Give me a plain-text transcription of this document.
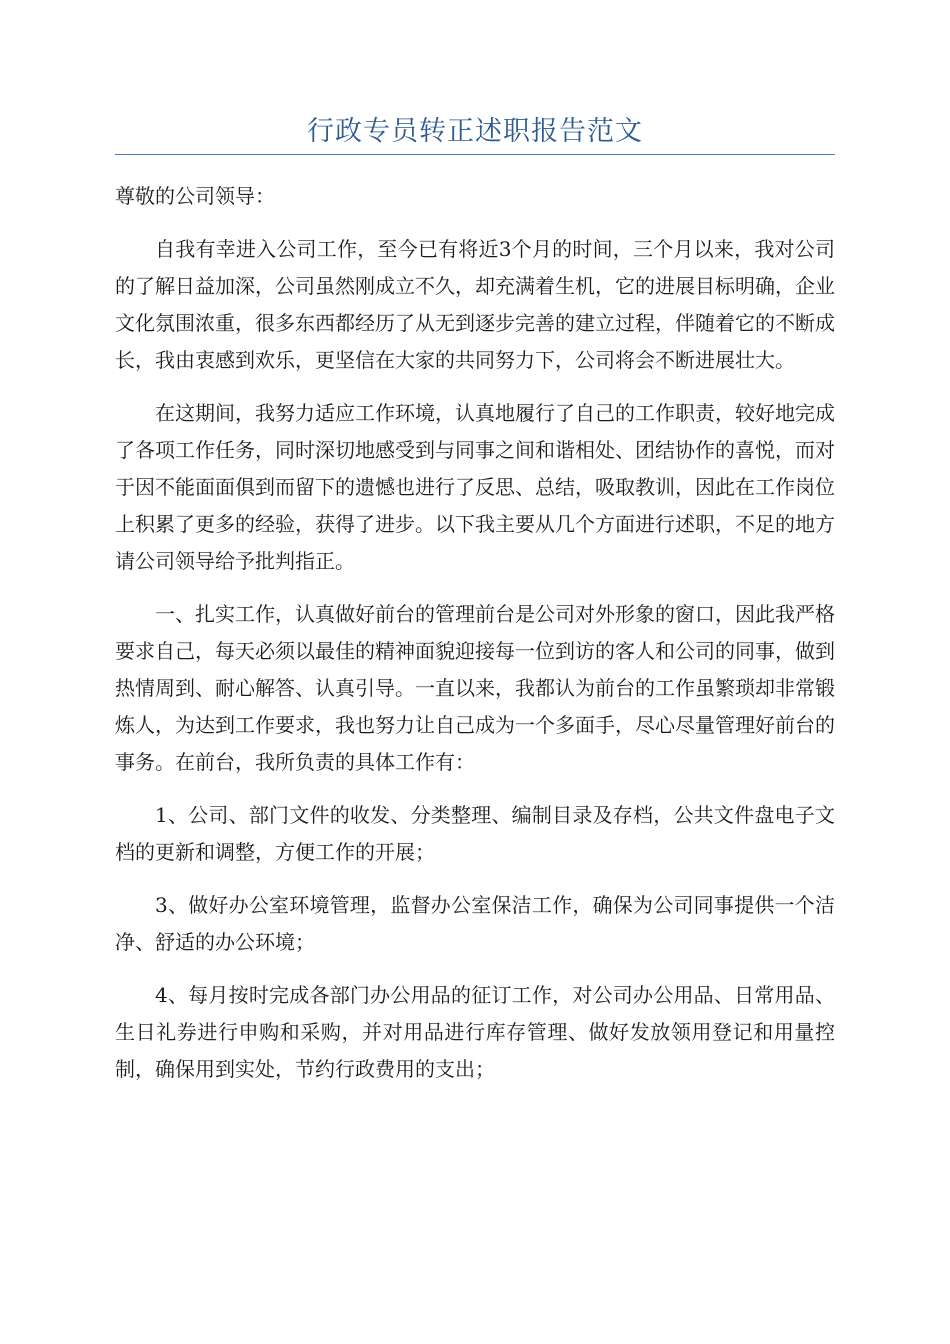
行政专员转正述职报告范文

尊敬的公司领导：

自我有幸进入公司工作，至今已有将近3个月的时间，三个月以来，我对公司的了解日益加深，公司虽然刚成立不久，却充满着生机，它的进展目标明确，企业文化氛围浓重，很多东西都经历了从无到逐步完善的建立过程，伴随着它的不断成长，我由衷感到欢乐，更坚信在大家的共同努力下，公司将会不断进展壮大。

在这期间，我努力适应工作环境，认真地履行了自己的工作职责，较好地完成了各项工作任务，同时深切地感受到与同事之间和谐相处、团结协作的喜悦，而对于因不能面面俱到而留下的遗憾也进行了反思、总结，吸取教训，因此在工作岗位上积累了更多的经验，获得了进步。以下我主要从几个方面进行述职，不足的地方请公司领导给予批判指正。

一、扎实工作，认真做好前台的管理前台是公司对外形象的窗口，因此我严格要求自己，每天必须以最佳的精神面貌迎接每一位到访的客人和公司的同事，做到热情周到、耐心解答、认真引导。一直以来，我都认为前台的工作虽繁琐却非常锻炼人，为达到工作要求，我也努力让自己成为一个多面手，尽心尽量管理好前台的事务。在前台，我所负责的具体工作有：

1、公司、部门文件的收发、分类整理、编制目录及存档，公共文件盘电子文档的更新和调整，方便工作的开展；

3、做好办公室环境管理，监督办公室保洁工作，确保为公司同事提供一个洁净、舒适的办公环境；

4、每月按时完成各部门办公用品的征订工作，对公司办公用品、日常用品、生日礼券进行申购和采购，并对用品进行库存管理、做好发放领用登记和用量控制，确保用到实处，节约行政费用的支出；
